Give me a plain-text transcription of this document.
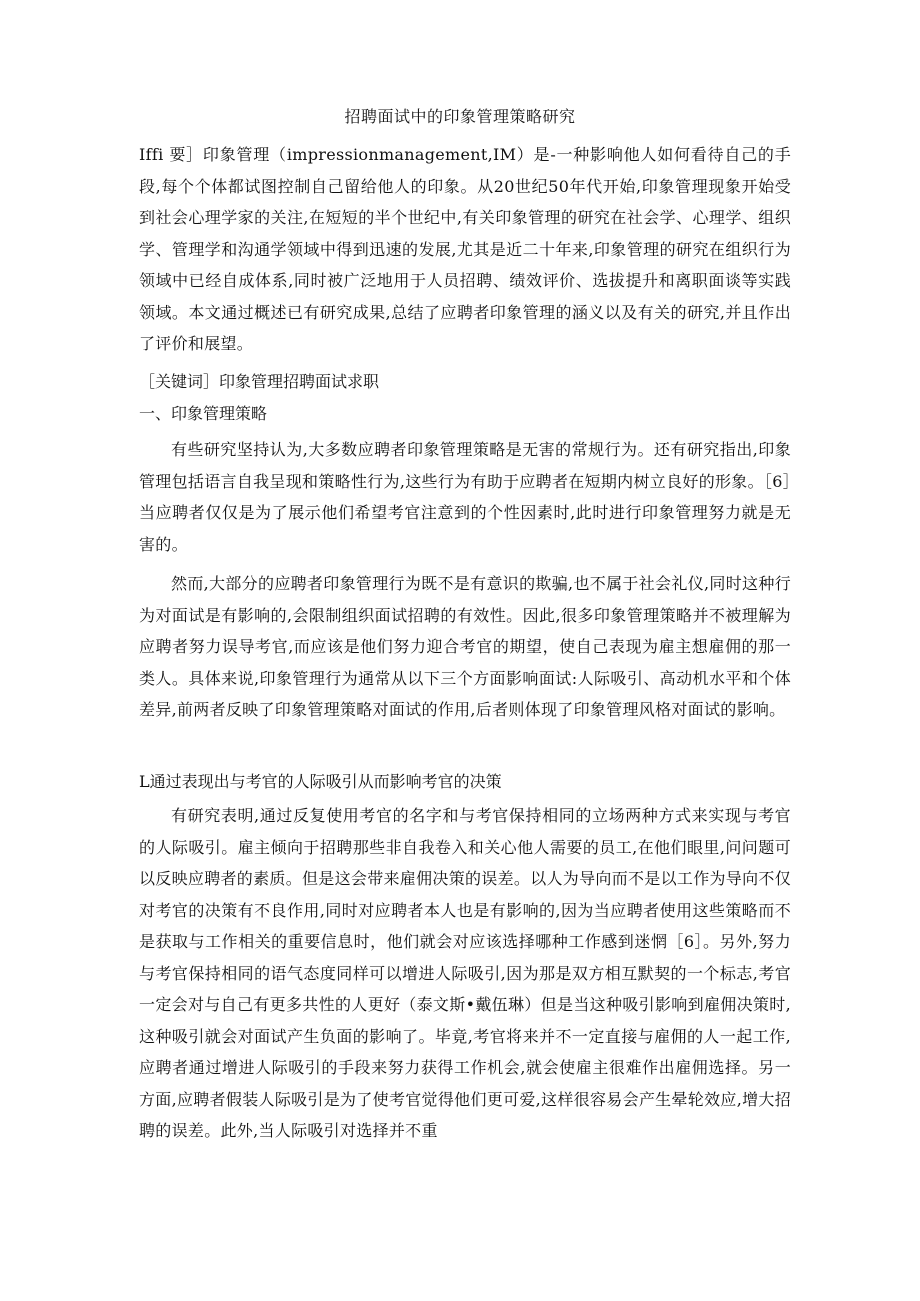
招聘面试中的印象管理策略研究

Iffi 要］印象管理（impressionmanagement,IM）是-一种影响他人如何看待自己的手段,每个个体都试图控制自己留给他人的印象。从20世纪50年代开始,印象管理现象开始受到社会心理学家的关注,在短短的半个世纪中,有关印象管理的研究在社会学、心理学、组织学、管理学和沟通学领域中得到迅速的发展,尤其是近二十年来,印象管理的研究在组织行为领域中已经自成体系,同时被广泛地用于人员招聘、绩效评价、选拔提升和离职面谈等实践领域。本文通过概述已有研究成果,总结了应聘者印象管理的涵义以及有关的研究,并且作出了评价和展望。

［关键词］印象管理招聘面试求职

一、印象管理策略

有些研究坚持认为,大多数应聘者印象管理策略是无害的常规行为。还有研究指出,印象管理包括语言自我呈现和策略性行为,这些行为有助于应聘者在短期内树立良好的形象。［6］当应聘者仅仅是为了展示他们希望考官注意到的个性因素时,此时进行印象管理努力就是无害的。

然而,大部分的应聘者印象管理行为既不是有意识的欺骗,也不属于社会礼仪,同时这种行为对面试是有影响的,会限制组织面试招聘的有效性。因此,很多印象管理策略并不被理解为应聘者努力误导考官,而应该是他们努力迎合考官的期望，使自己表现为雇主想雇佣的那一类人。具体来说,印象管理行为通常从以下三个方面影响面试:人际吸引、高动机水平和个体差异,前两者反映了印象管理策略对面试的作用,后者则体现了印象管理风格对面试的影响。

L通过表现出与考官的人际吸引从而影响考官的决策

有研究表明,通过反复使用考官的名字和与考官保持相同的立场两种方式来实现与考官的人际吸引。雇主倾向于招聘那些非自我卷入和关心他人需要的员工,在他们眼里,问问题可以反映应聘者的素质。但是这会带来雇佣决策的误差。以人为导向而不是以工作为导向不仅对考官的决策有不良作用,同时对应聘者本人也是有影响的,因为当应聘者使用这些策略而不是获取与工作相关的重要信息时，他们就会对应该选择哪种工作感到迷惘［6］。另外,努力与考官保持相同的语气态度同样可以增进人际吸引,因为那是双方相互默契的一个标志,考官一定会对与自己有更多共性的人更好（泰文斯•戴伍琳）但是当这种吸引影响到雇佣决策时,这种吸引就会对面试产生负面的影响了。毕竟,考官将来并不一定直接与雇佣的人一起工作,应聘者通过增进人际吸引的手段来努力获得工作机会,就会使雇主很难作出雇佣选择。另一方面,应聘者假装人际吸引是为了使考官觉得他们更可爱,这样很容易会产生晕轮效应,增大招聘的误差。此外,当人际吸引对选择并不重
